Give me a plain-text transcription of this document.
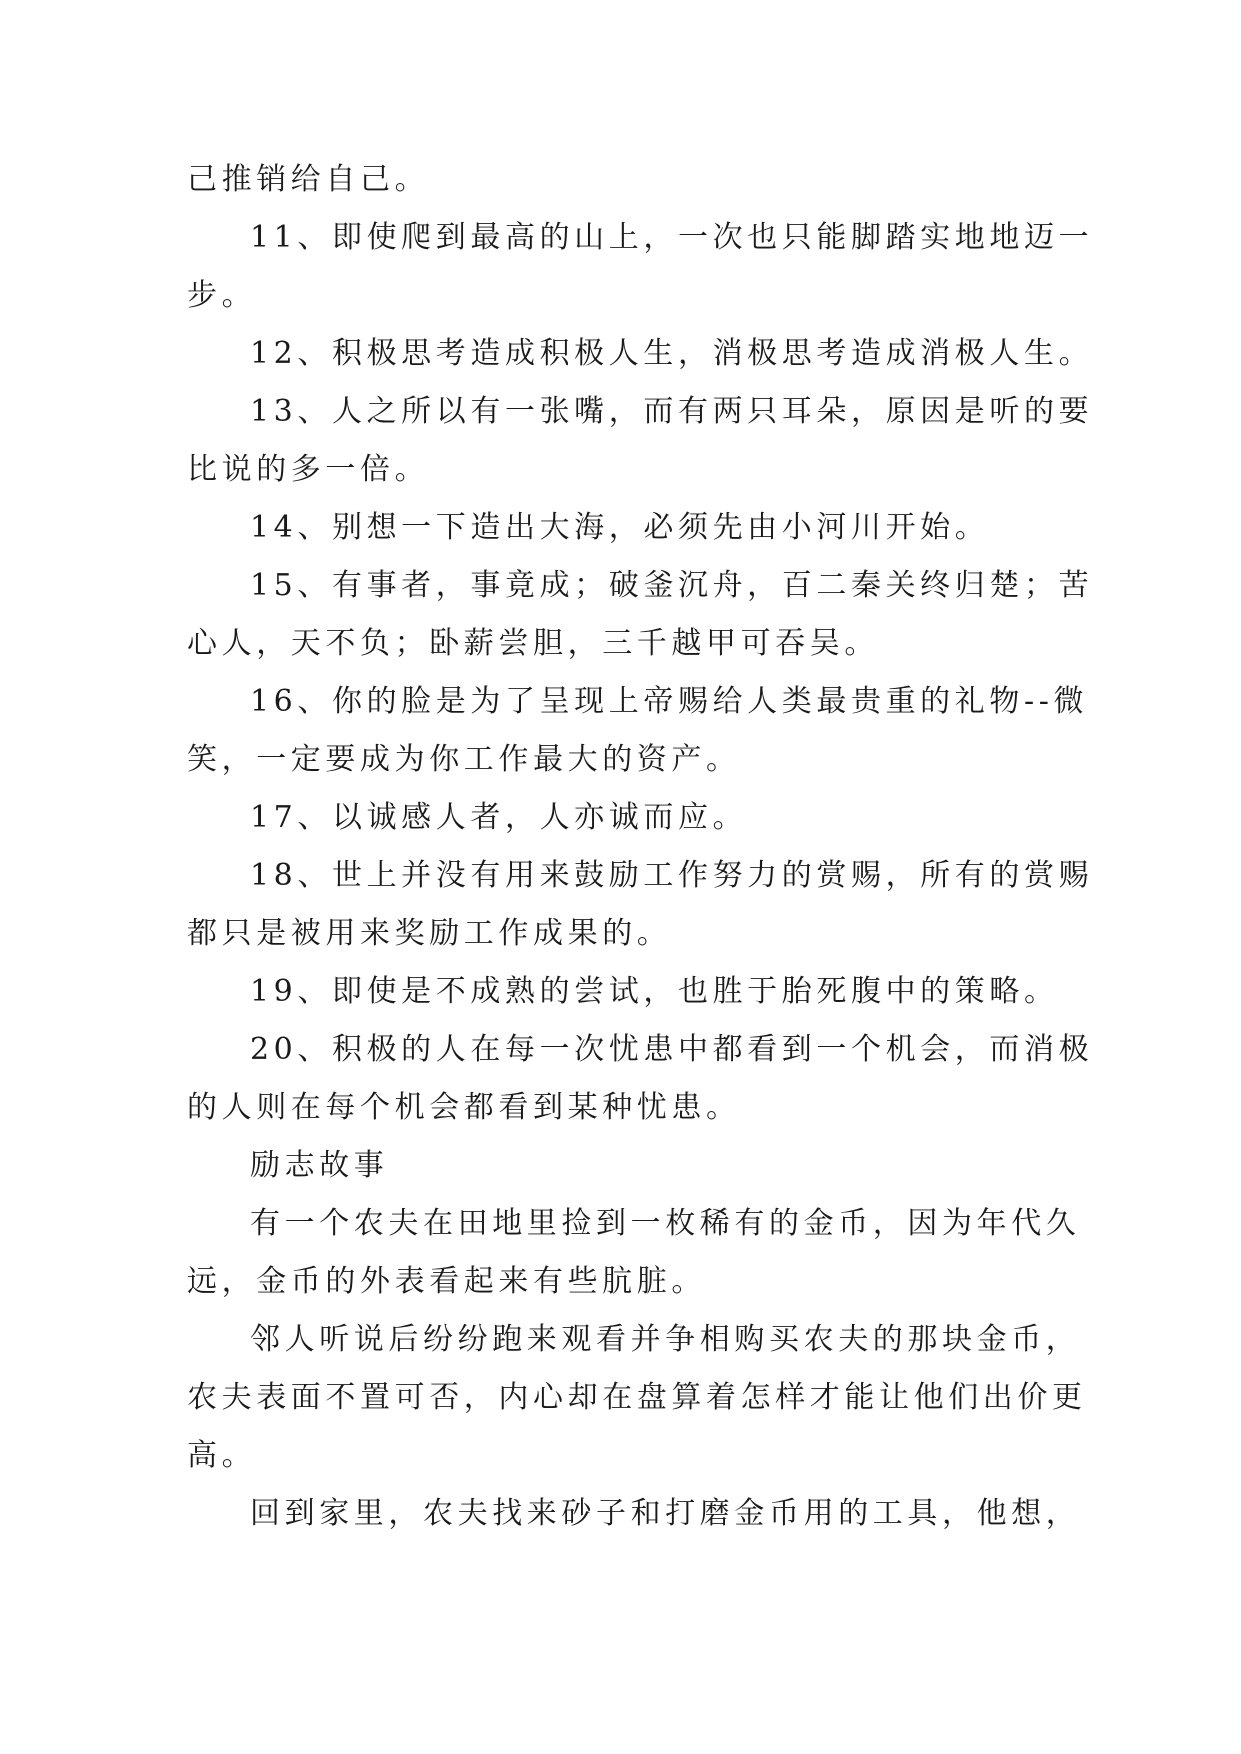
己推销给自己。
11、即使爬到最高的山上，一次也只能脚踏实地地迈一
步。
12、积极思考造成积极人生，消极思考造成消极人生。
13、人之所以有一张嘴，而有两只耳朵，原因是听的要
比说的多一倍。
14、别想一下造出大海，必须先由小河川开始。
15、有事者，事竟成；破釜沉舟，百二秦关终归楚；苦
心人，天不负；卧薪尝胆，三千越甲可吞吴。
16、你的脸是为了呈现上帝赐给人类最贵重的礼物--微
笑，一定要成为你工作最大的资产。
17、以诚感人者，人亦诚而应。
18、世上并没有用来鼓励工作努力的赏赐，所有的赏赐
都只是被用来奖励工作成果的。
19、即使是不成熟的尝试，也胜于胎死腹中的策略。
20、积极的人在每一次忧患中都看到一个机会，而消极
的人则在每个机会都看到某种忧患。
励志故事
有一个农夫在田地里捡到一枚稀有的金币，因为年代久
远，金币的外表看起来有些肮脏。
邻人听说后纷纷跑来观看并争相购买农夫的那块金币，
农夫表面不置可否，内心却在盘算着怎样才能让他们出价更
高。
回到家里，农夫找来砂子和打磨金币用的工具，他想，
